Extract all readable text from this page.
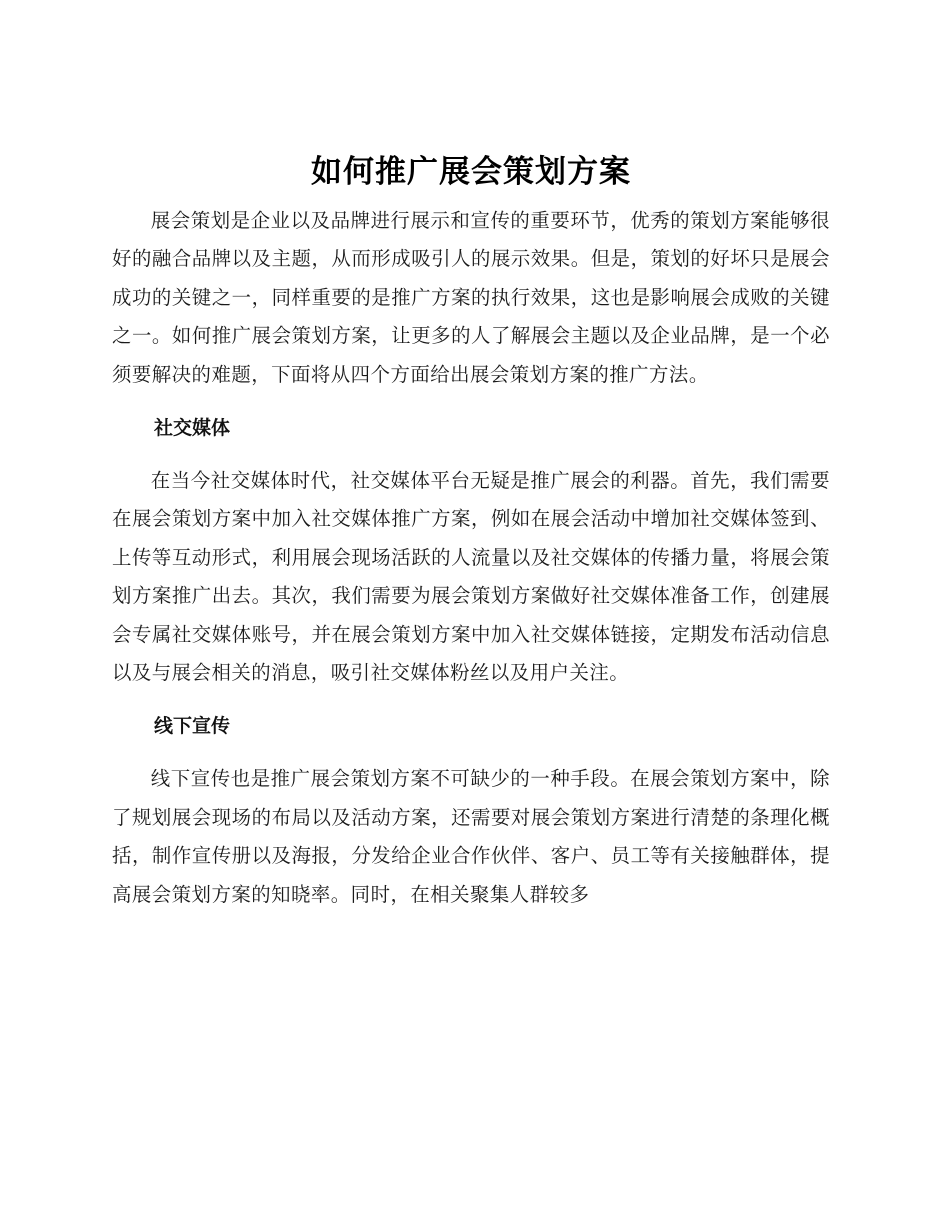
如何推广展会策划方案

展会策划是企业以及品牌进行展示和宣传的重要环节，优秀的策划方案能够很好的融合品牌以及主题，从而形成吸引人的展示效果。但是，策划的好坏只是展会成功的关键之一，同样重要的是推广方案的执行效果，这也是影响展会成败的关键之一。如何推广展会策划方案，让更多的人了解展会主题以及企业品牌，是一个必须要解决的难题，下面将从四个方面给出展会策划方案的推广方法。

社交媒体

在当今社交媒体时代，社交媒体平台无疑是推广展会的利器。首先，我们需要在展会策划方案中加入社交媒体推广方案，例如在展会活动中增加社交媒体签到、上传等互动形式，利用展会现场活跃的人流量以及社交媒体的传播力量，将展会策划方案推广出去。其次，我们需要为展会策划方案做好社交媒体准备工作，创建展会专属社交媒体账号，并在展会策划方案中加入社交媒体链接，定期发布活动信息以及与展会相关的消息，吸引社交媒体粉丝以及用户关注。

线下宣传

线下宣传也是推广展会策划方案不可缺少的一种手段。在展会策划方案中，除了规划展会现场的布局以及活动方案，还需要对展会策划方案进行清楚的条理化概括，制作宣传册以及海报，分发给企业合作伙伴、客户、员工等有关接触群体，提高展会策划方案的知晓率。同时，在相关聚集人群较多
